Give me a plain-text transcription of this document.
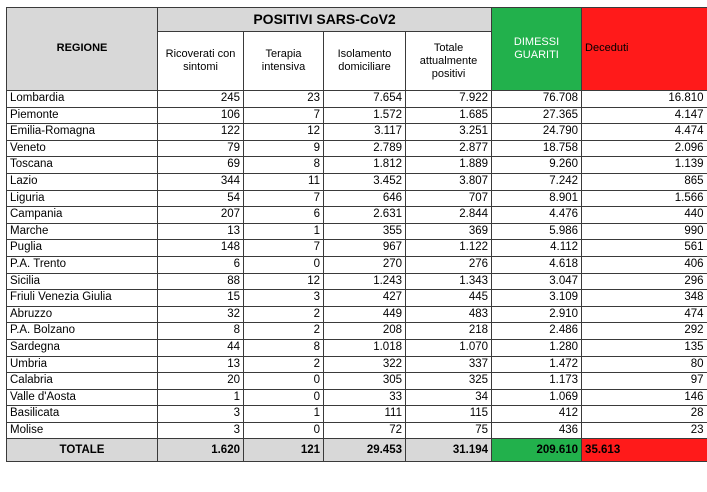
REGIONE	POSITIVI SARS-CoV2				DIMESSI GUARITI	Deceduti
	Ricoverati con sintomi	Terapia intensiva	Isolamento domiciliare	Totale attualmente positivi		
Lombardia	245	23	7.654	7.922	76.708	16.810
Piemonte	106	7	1.572	1.685	27.365	4.147
Emilia-Romagna	122	12	3.117	3.251	24.790	4.474
Veneto	79	9	2.789	2.877	18.758	2.096
Toscana	69	8	1.812	1.889	9.260	1.139
Lazio	344	11	3.452	3.807	7.242	865
Liguria	54	7	646	707	8.901	1.566
Campania	207	6	2.631	2.844	4.476	440
Marche	13	1	355	369	5.986	990
Puglia	148	7	967	1.122	4.112	561
P.A. Trento	6	0	270	276	4.618	406
Sicilia	88	12	1.243	1.343	3.047	296
Friuli Venezia Giulia	15	3	427	445	3.109	348
Abruzzo	32	2	449	483	2.910	474
P.A. Bolzano	8	2	208	218	2.486	292
Sardegna	44	8	1.018	1.070	1.280	135
Umbria	13	2	322	337	1.472	80
Calabria	20	0	305	325	1.173	97
Valle d'Aosta	1	0	33	34	1.069	146
Basilicata	3	1	111	115	412	28
Molise	3	0	72	75	436	23
TOTALE	1.620	121	29.453	31.194	209.610	35.613
